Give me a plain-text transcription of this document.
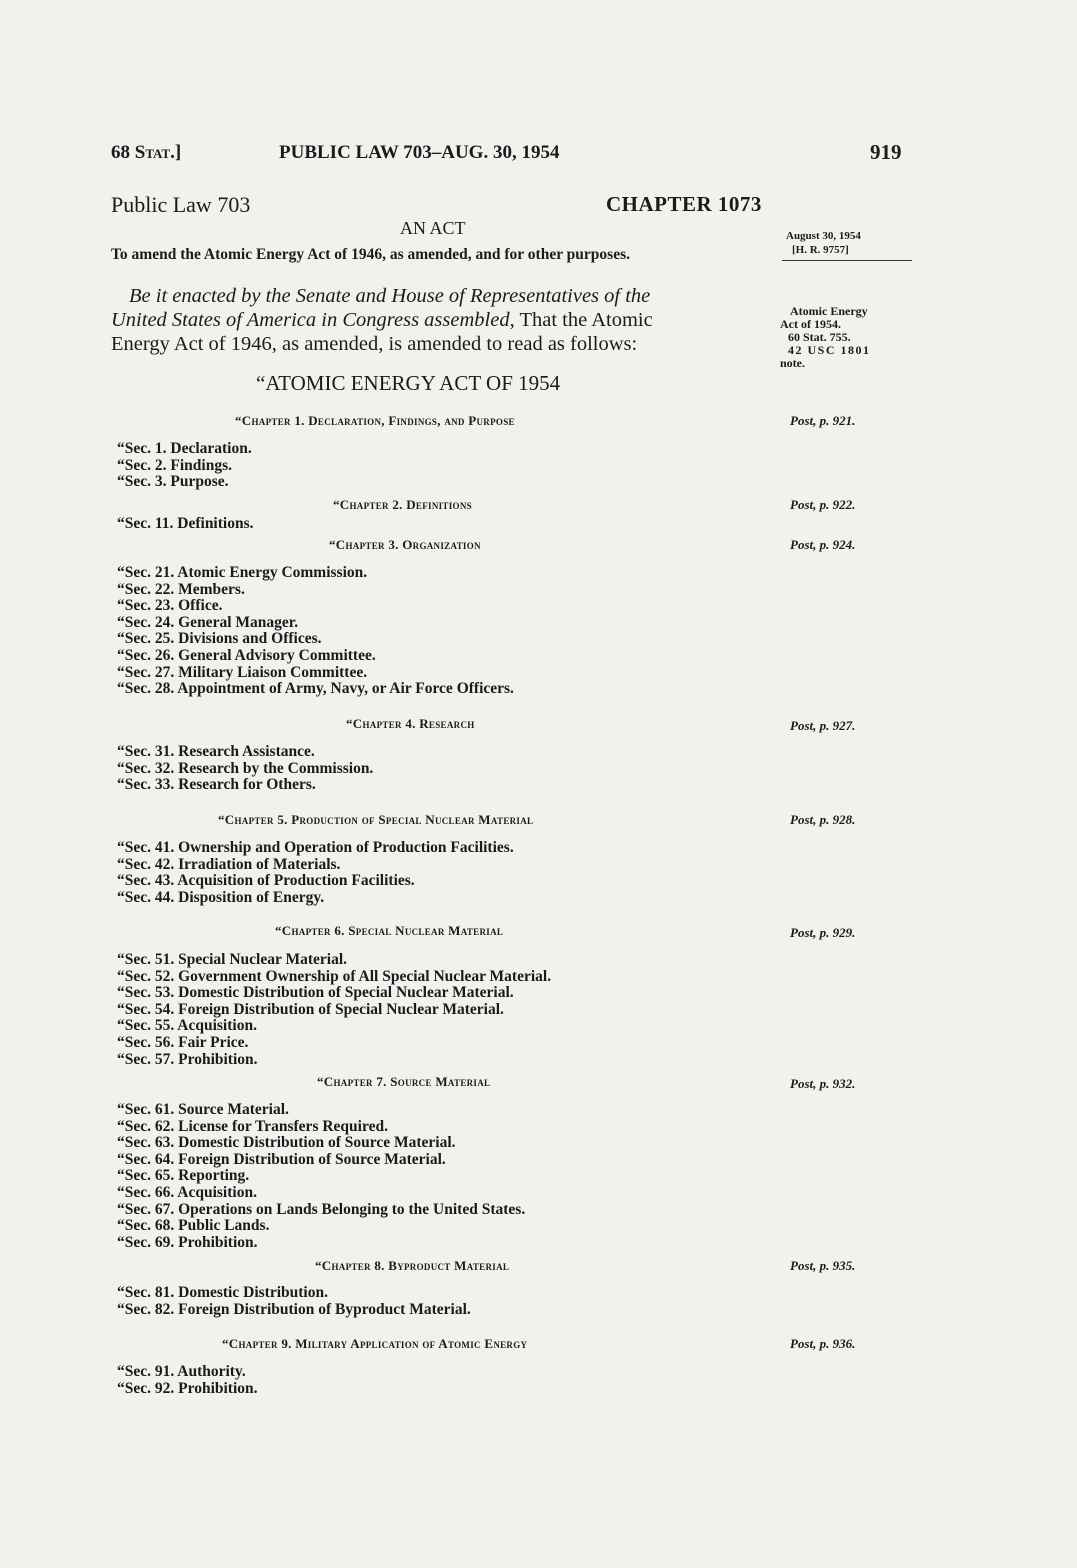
68 Stat.]	PUBLIC LAW 703–AUG. 30, 1954	919
Public Law 703	CHAPTER 1073
AN ACT
To amend the Atomic Energy Act of 1946, as amended, and for other purposes.
August 30, 1954
[H. R. 9757]
Be it enacted by the Senate and House of Representatives of the
United States of America in Congress assembled, That the Atomic
Energy Act of 1946, as amended, is amended to read as follows:
Atomic Energy
Act of 1954.
60 Stat. 755.
42 USC 1801
note.
“ATOMIC ENERGY ACT OF 1954
“Chapter 1. Declaration, Findings, and Purpose	Post, p. 921.
“Sec. 1. Declaration.
“Sec. 2. Findings.
“Sec. 3. Purpose.
“Chapter 2. Definitions	Post, p. 922.
“Sec. 11. Definitions.
“Chapter 3. Organization	Post, p. 924.
“Sec. 21. Atomic Energy Commission.
“Sec. 22. Members.
“Sec. 23. Office.
“Sec. 24. General Manager.
“Sec. 25. Divisions and Offices.
“Sec. 26. General Advisory Committee.
“Sec. 27. Military Liaison Committee.
“Sec. 28. Appointment of Army, Navy, or Air Force Officers.
“Chapter 4. Research	Post, p. 927.
“Sec. 31. Research Assistance.
“Sec. 32. Research by the Commission.
“Sec. 33. Research for Others.
“Chapter 5. Production of Special Nuclear Material	Post, p. 928.
“Sec. 41. Ownership and Operation of Production Facilities.
“Sec. 42. Irradiation of Materials.
“Sec. 43. Acquisition of Production Facilities.
“Sec. 44. Disposition of Energy.
“Chapter 6. Special Nuclear Material	Post, p. 929.
“Sec. 51. Special Nuclear Material.
“Sec. 52. Government Ownership of All Special Nuclear Material.
“Sec. 53. Domestic Distribution of Special Nuclear Material.
“Sec. 54. Foreign Distribution of Special Nuclear Material.
“Sec. 55. Acquisition.
“Sec. 56. Fair Price.
“Sec. 57. Prohibition.
“Chapter 7. Source Material	Post, p. 932.
“Sec. 61. Source Material.
“Sec. 62. License for Transfers Required.
“Sec. 63. Domestic Distribution of Source Material.
“Sec. 64. Foreign Distribution of Source Material.
“Sec. 65. Reporting.
“Sec. 66. Acquisition.
“Sec. 67. Operations on Lands Belonging to the United States.
“Sec. 68. Public Lands.
“Sec. 69. Prohibition.
“Chapter 8. Byproduct Material	Post, p. 935.
“Sec. 81. Domestic Distribution.
“Sec. 82. Foreign Distribution of Byproduct Material.
“Chapter 9. Military Application of Atomic Energy	Post, p. 936.
“Sec. 91. Authority.
“Sec. 92. Prohibition.
